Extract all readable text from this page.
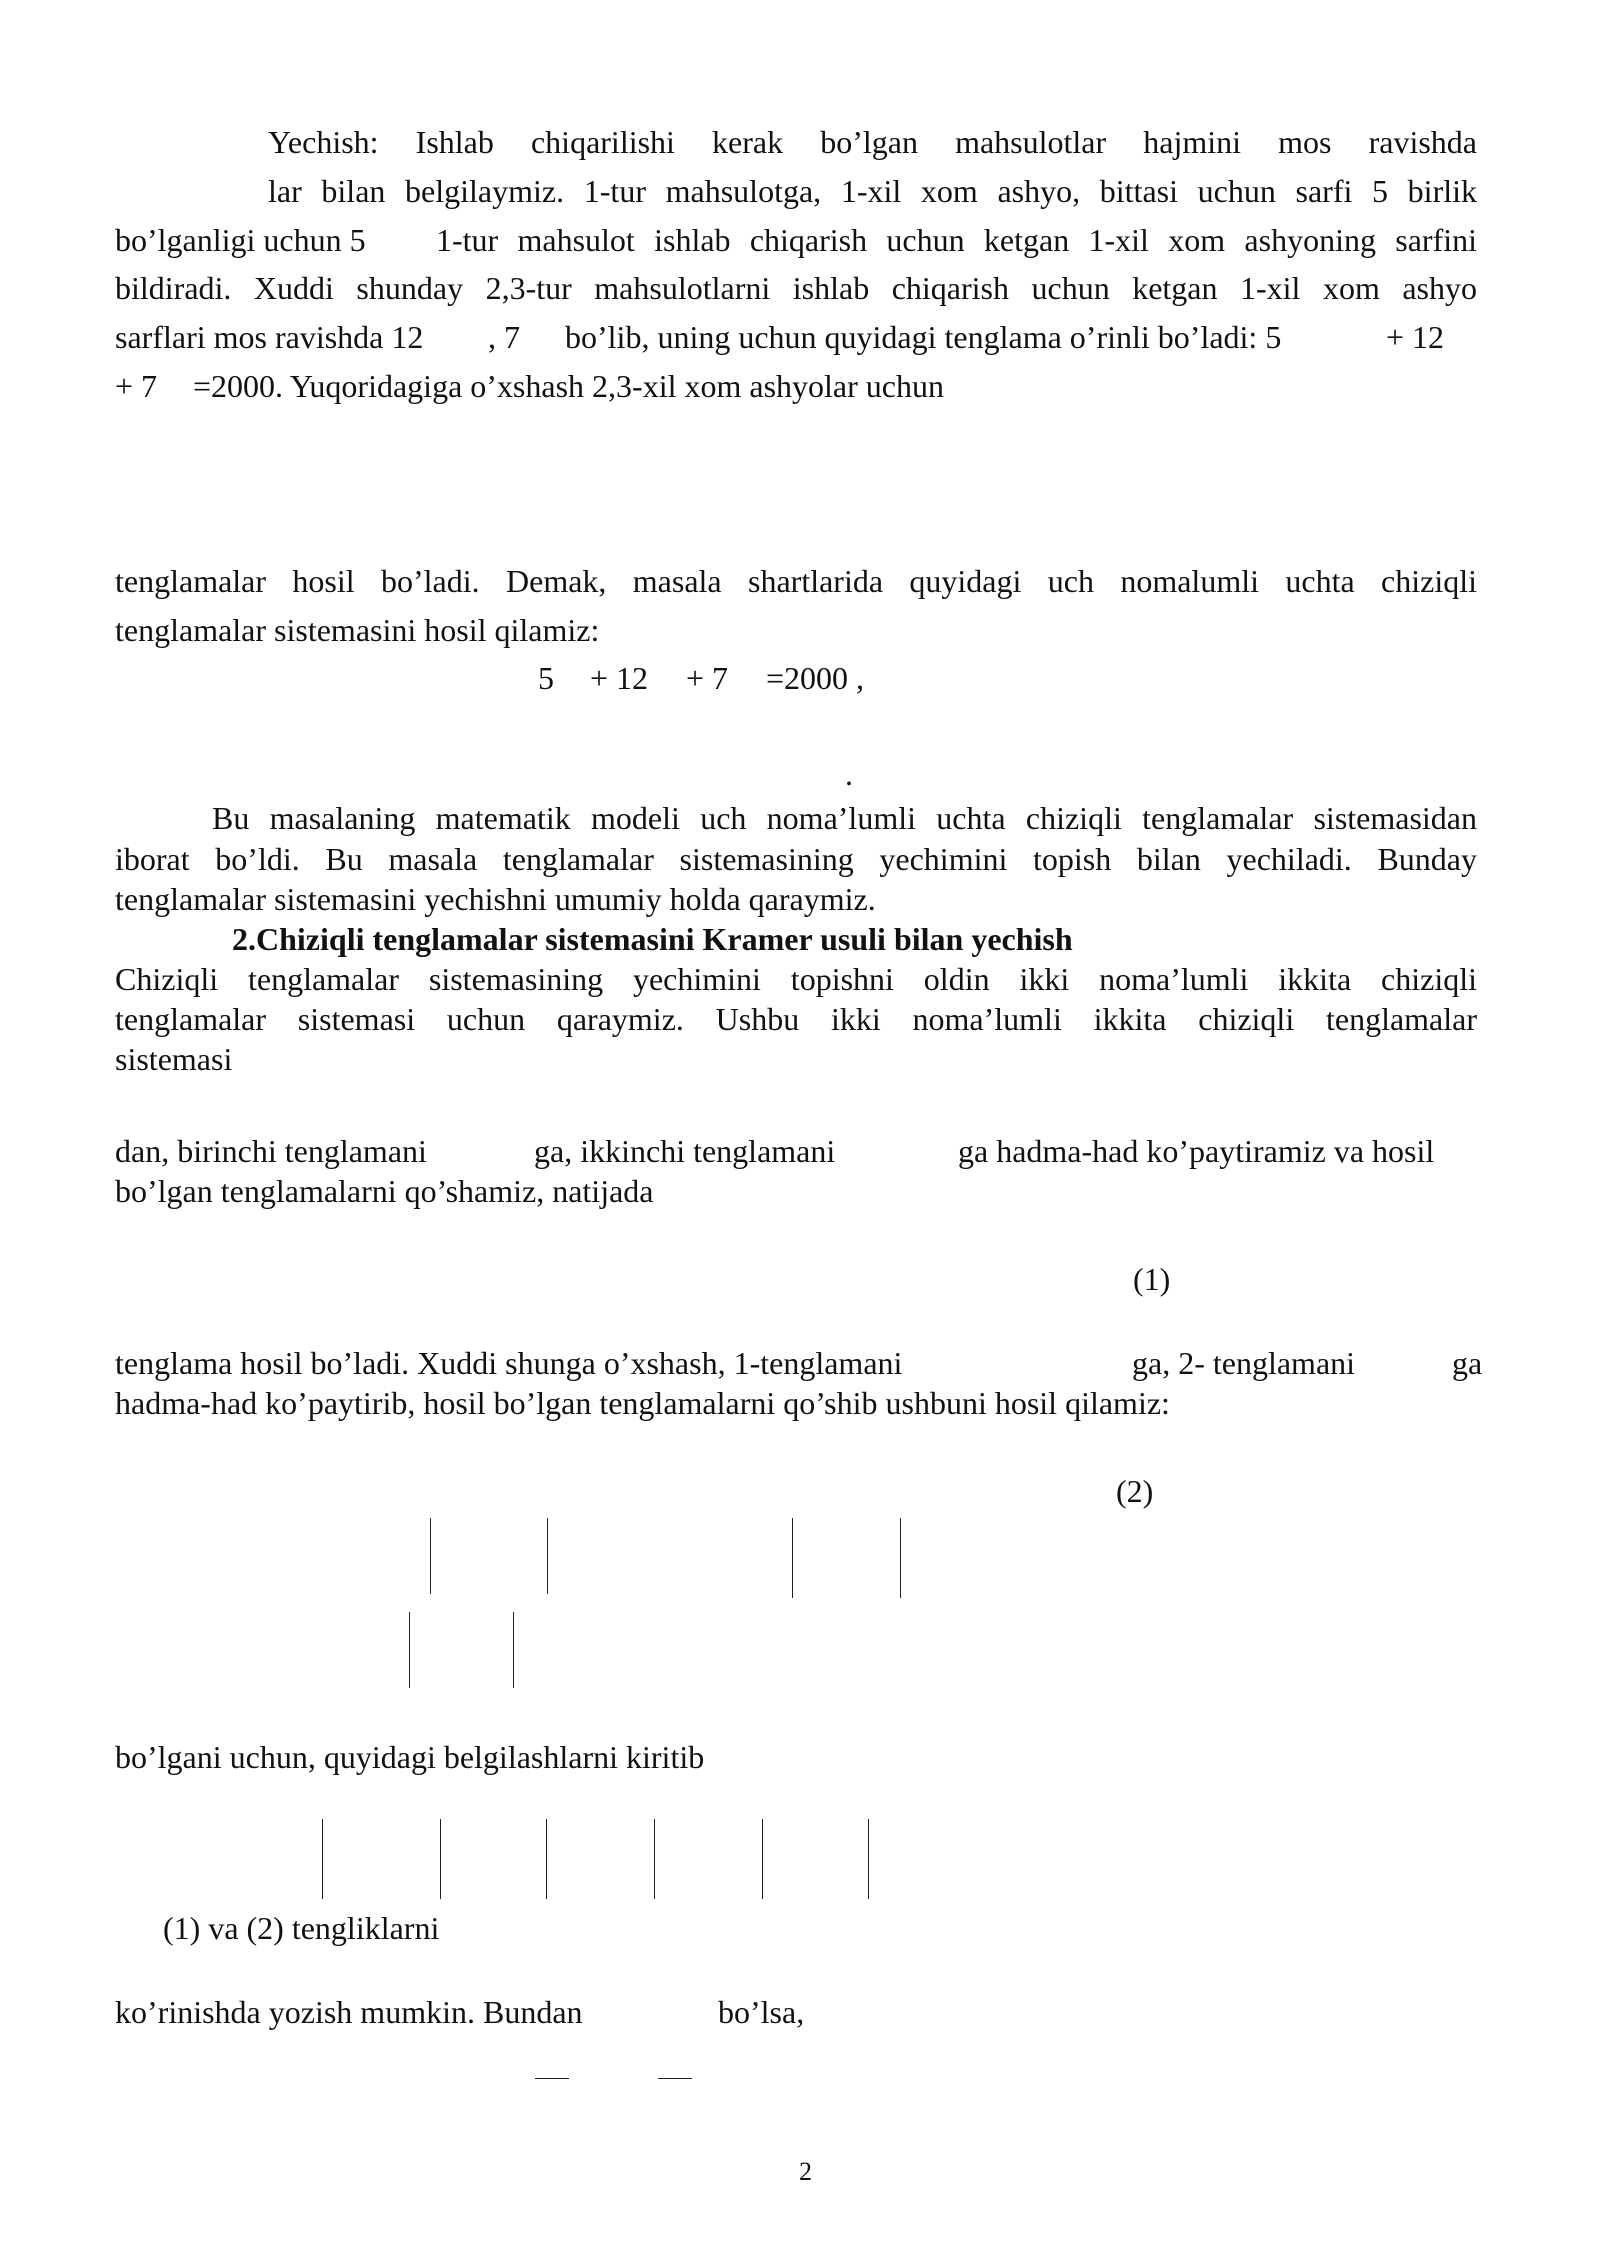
Yechish: Ishlab chiqarilishi kerak bo’lgan mahsulotlar hajmini mos ravishda
lar bilan belgilaymiz. 1-tur mahsulotga, 1-xil xom ashyo, bittasi uchun sarfi 5 birlik
bo’lganligi uchun 5 1-tur mahsulot ishlab chiqarish uchun ketgan 1-xil xom ashyoning sarfini
bildiradi. Xuddi shunday 2,3-tur mahsulotlarni ishlab chiqarish uchun ketgan 1-xil xom ashyo
sarflari mos ravishda 12 , 7 bo’lib, uning uchun quyidagi tenglama o’rinli bo’ladi: 5	+ 12
+ 7 =2000. Yuqoridagiga o’xshash 2,3-xil xom ashyolar uchun
tenglamalar hosil bo’ladi. Demak, masala shartlarida quyidagi uch nomalumli uchta chiziqli
tenglamalar sistemasini hosil qilamiz:
5 + 12 + 7 =2000 ,
.
Bu masalaning matematik modeli uch noma’lumli uchta chiziqli tenglamalar sistemasidan
iborat bo’ldi. Bu masala tenglamalar sistemasining yechimini topish bilan yechiladi. Bunday
tenglamalar sistemasini yechishni umumiy holda qaraymiz.
2.Chiziqli tenglamalar sistemasini Kramer usuli bilan yechish
Chiziqli tenglamalar sistemasining yechimini topishni oldin ikki noma’lumli ikkita chiziqli
tenglamalar sistemasi uchun qaraymiz. Ushbu ikki noma’lumli ikkita chiziqli tenglamalar
sistemasi
dan, birinchi tenglamani	ga, ikkinchi tenglamani	ga hadma-had ko’paytiramiz va hosil
bo’lgan tenglamalarni qo’shamiz, natijada
(1)
tenglama hosil bo’ladi. Xuddi shunga o’xshash, 1-tenglamani	ga, 2- tenglamani	ga
hadma-had ko’paytirib, hosil bo’lgan tenglamalarni qo’shib ushbuni hosil qilamiz:
(2)
bo’lgani uchun, quyidagi belgilashlarni kiritib
(1) va (2) tengliklarni
ko’rinishda yozish mumkin. Bundan	bo’lsa,
2
